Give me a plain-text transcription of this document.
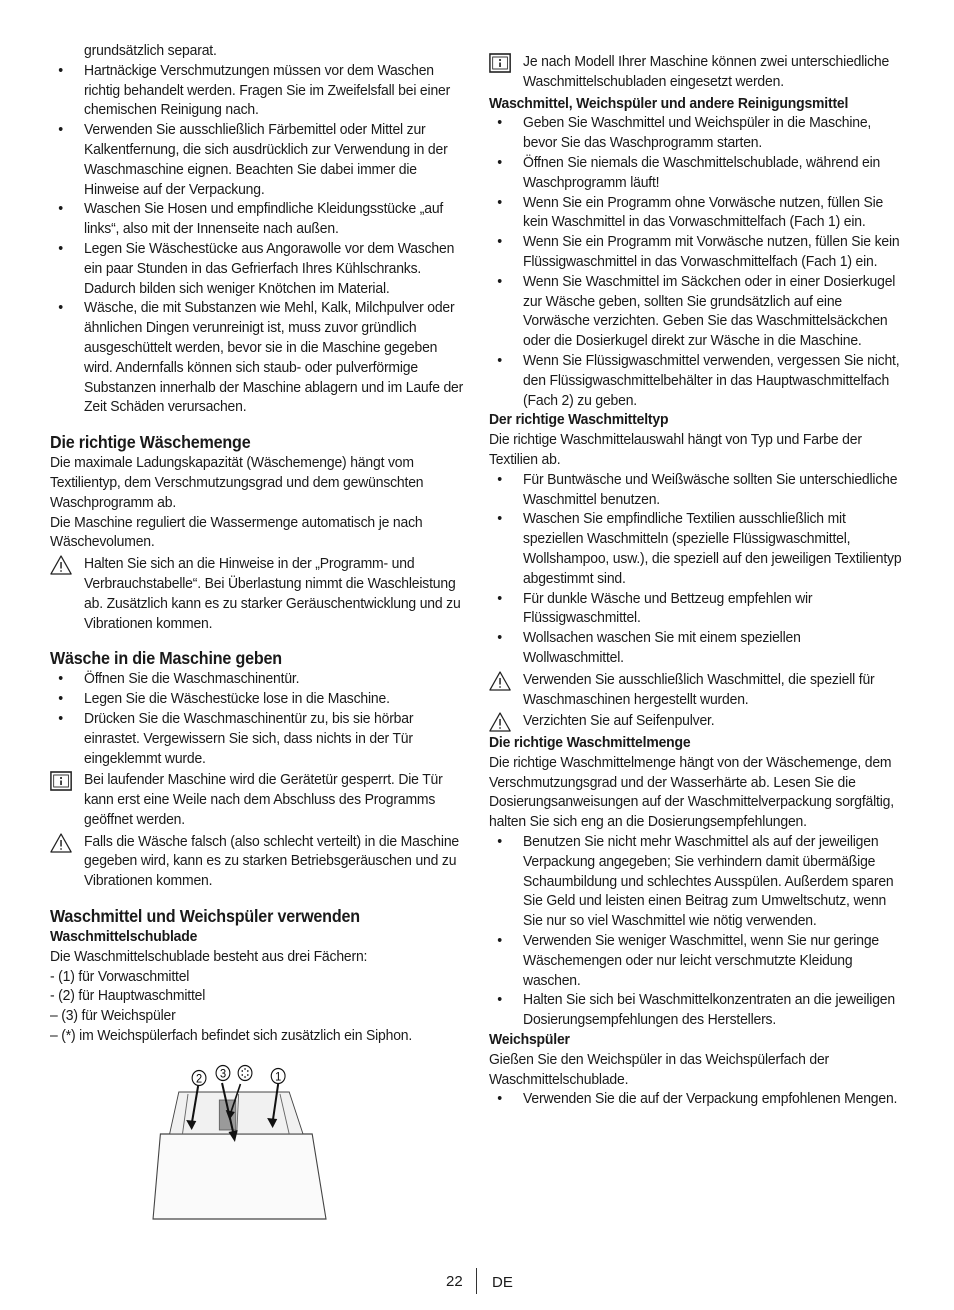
grundsätzlich separat.

• Hartnäckige Verschmutzungen müssen vor dem Waschen richtig behandelt werden. Fragen Sie im Zweifelsfall bei einer chemischen Reinigung nach.

• Verwenden Sie ausschließlich Färbemittel oder Mittel zur Kalkentfernung, die sich ausdrücklich zur Verwendung in der Waschmaschine eignen. Beachten Sie dabei immer die Hinweise auf der Verpackung.

• Waschen Sie Hosen und empfindliche Kleidungsstücke „auf links“, also mit der Innenseite nach außen.

• Legen Sie Wäschestücke aus Angorawolle vor dem Waschen ein paar Stunden in das Gefrierfach Ihres Kühlschranks. Dadurch bilden sich weniger Knötchen im Material.

• Wäsche, die mit Substanzen wie Mehl, Kalk, Milchpulver oder ähnlichen Dingen verunreinigt ist, muss zuvor gründlich ausgeschüttelt werden, bevor sie in die Maschine gegeben wird. Andernfalls können sich staub- oder pulverförmige Substanzen innerhalb der Maschine ablagern und im Laufe der Zeit Schäden verursachen.

Die richtige Wäschemenge

Die maximale Ladungskapazität (Wäschemenge) hängt vom Textilientyp, dem Verschmutzungsgrad und dem gewünschten Waschprogramm ab.

Die Maschine reguliert die Wassermenge automatisch je nach Wäschevolumen.

Halten Sie sich an die Hinweise in der „Programm- und Verbrauchstabelle“. Bei Überlastung nimmt die Waschleistung ab. Zusätzlich kann es zu starker Geräuschentwicklung und zu Vibrationen kommen.

Wäsche in die Maschine geben

• Öffnen Sie die Waschmaschinentür.

• Legen Sie die Wäschestücke lose in die Maschine.

• Drücken Sie die Waschmaschinentür zu, bis sie hörbar einrastet. Vergewissern Sie sich, dass nichts in der Tür eingeklemmt wurde.

Bei laufender Maschine wird die Gerätetür gesperrt. Die Tür kann erst eine Weile nach dem Abschluss des Programms geöffnet werden.
Falls die Wäsche falsch (also schlecht verteilt) in die Maschine gegeben wird, kann es zu starken Betriebsgeräuschen und zu Vibrationen kommen.

Waschmittel und Weichspüler verwenden

Waschmittelschublade

Die Waschmittelschublade besteht aus drei Fächern:

- (1) für Vorwaschmittel

- (2) für Hauptwaschmittel

– (3) für Weichspüler

– (*) im Weichspülerfach befindet sich zusätzlich ein Siphon.

2 3	1
Je nach Modell Ihrer Maschine können zwei unterschiedliche Waschmittelschubladen eingesetzt werden.

Waschmittel, Weichspüler und andere Reinigungsmittel

• Geben Sie Waschmittel und Weichspüler in die Maschine, bevor Sie das Waschprogramm starten.

• Öffnen Sie niemals die Waschmittelschublade, während ein Waschprogramm läuft!

• Wenn Sie ein Programm ohne Vorwäsche nutzen, füllen Sie kein Waschmittel in das Vorwaschmittelfach (Fach 1) ein.

• Wenn Sie ein Programm mit Vorwäsche nutzen, füllen Sie kein Flüssigwaschmittel in das Vorwaschmittelfach (Fach 1) ein.

• Wenn Sie Waschmittel im Säckchen oder in einer Dosierkugel zur Wäsche geben, sollten Sie grundsätzlich auf eine Vorwäsche verzichten. Geben Sie das Waschmittelsäckchen oder die Dosierkugel direkt zur Wäsche in die Maschine.

• Wenn Sie Flüssigwaschmittel verwenden, vergessen Sie nicht, den Flüssigwaschmittelbehälter in das Hauptwaschmittelfach (Fach 2) zu geben.

Der richtige Waschmitteltyp

Die richtige Waschmittelauswahl hängt von Typ und Farbe der Textilien ab.

• Für Buntwäsche und Weißwäsche sollten Sie unterschiedliche Waschmittel benutzen.

• Waschen Sie empfindliche Textilien ausschließlich mit speziellen Waschmitteln (spezielle Flüssigwaschmittel, Wollshampoo, usw.), die speziell auf den jeweiligen Textilientyp abgestimmt sind.

• Für dunkle Wäsche und Bettzeug empfehlen wir Flüssigwaschmittel.

• Wollsachen waschen Sie mit einem speziellen Wollwaschmittel.

Verwenden Sie ausschließlich Waschmittel, die speziell für Waschmaschinen hergestellt wurden.
Verzichten Sie auf Seifenpulver.

Die richtige Waschmittelmenge

Die richtige Waschmittelmenge hängt von der Wäschemenge, dem Verschmutzungsgrad und der Wasserhärte ab. Lesen Sie die Dosierungsanweisungen auf der Waschmittelverpackung sorgfältig, halten Sie sich eng an die Dosierungsempfehlungen.

• Benutzen Sie nicht mehr Waschmittel als auf der jeweiligen Verpackung angegeben; Sie verhindern damit übermäßige Schaumbildung und schlechtes Ausspülen. Außerdem sparen Sie Geld und leisten einen Beitrag zum Umweltschutz, wenn Sie nur so viel Waschmittel wie nötig verwenden.

• Verwenden Sie weniger Waschmittel, wenn Sie nur geringe Wäschemengen oder nur leicht verschmutzte Kleidung waschen.

• Halten Sie sich bei Waschmittelkonzentraten an die jeweiligen Dosierungsempfehlungen des Herstellers.

Weichspüler

Gießen Sie den Weichspüler in das Weichspülerfach der Waschmittelschublade.

• Verwenden Sie die auf der Verpackung empfohlenen Mengen.

22 DE
